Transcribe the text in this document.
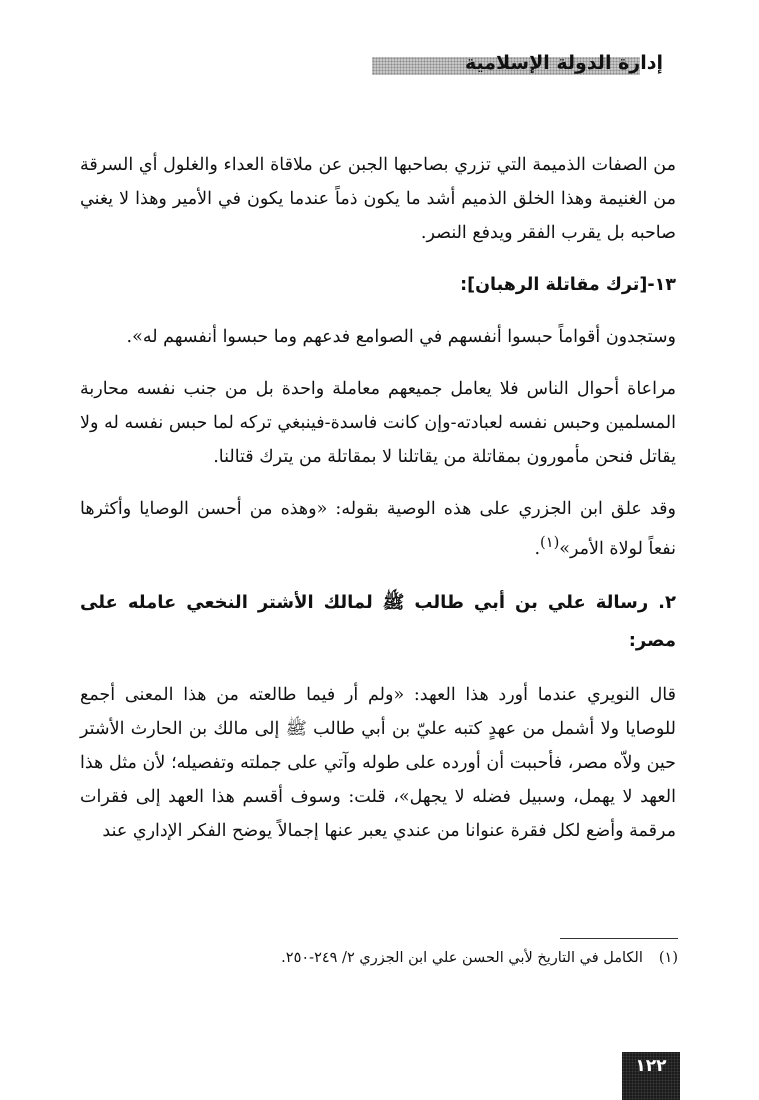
إدارة الدولة الإسلامية

من الصفات الذميمة التي تزري بصاحبها الجبن عن ملاقاة العداء والغلول أي السرقة من الغنيمة وهذا الخلق الذميم أشد ما يكون ذماً عندما يكون في الأمير وهذا لا يغني صاحبه بل يقرب الفقر ويدفع النصر.

١٣-[ترك مقاتلة الرهبان]:

وستجدون أقواماً حبسوا أنفسهم في الصوامع فدعهم وما حبسوا أنفسهم له».

مراعاة أحوال الناس فلا يعامل جميعهم معاملة واحدة بل من جنب نفسه محاربة المسلمين وحبس نفسه لعبادته-وإن كانت فاسدة-فينبغي تركه لما حبس نفسه له ولا يقاتل فنحن مأمورون بمقاتلة من يقاتلنا لا بمقاتلة من يترك قتالنا.

وقد علق ابن الجزري على هذه الوصية بقوله: «وهذه من أحسن الوصايا وأكثرها نفعاً لولاة الأمر»$^{(١)}$.

٢. رسالة علي بن أبي طالب ﷺ لمالك الأشتر النخعي عامله على مصر:

قال النويري عندما أورد هذا العهد: «ولم أر فيما طالعته من هذا المعنى أجمع للوصايا ولا أشمل من عهدٍ كتبه عليّ بن أبي طالب ﷺ إلى مالك بن الحارث الأشتر حين ولاّه مصر، فأحببت أن أورده على طوله وآتي على جملته وتفصيله؛ لأن مثل هذا العهد لا يهمل، وسبيل فضله لا يجهل»، قلت: وسوف أقسم هذا العهد إلى فقرات مرقمة وأضع لكل فقرة عنوانا من عندي يعبر عنها إجمالاً يوضح الفكر الإداري عند

(١)الكامل في التاريخ لأبي الحسن علي ابن الجزري ٢/ ٢٤٩-٢٥٠.
١٢٢
